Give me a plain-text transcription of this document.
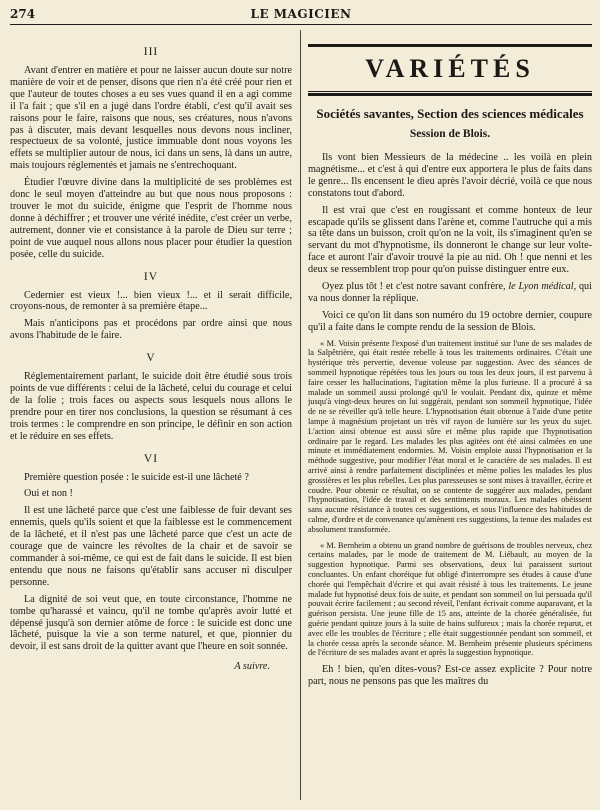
274	LE MAGICIEN
III

Avant d'entrer en matière et pour ne laisser aucun doute sur notre manière de voir et de penser, disons que rien n'a été créé pour rien et que l'auteur de toutes choses a eu ses vues quand il en a agi comme il l'a fait ; que s'il en a jugé dans l'ordre établi, c'est qu'il avait ses raisons pour le faire, raisons que nous, ses créatures, nous n'avons pas à discuter, mais devant lesquelles nous devons nous incliner, respectueux de sa volonté, justice immuable dont nous voyons les effets se multiplier autour de nous, ici dans un sens, là dans un autre, mais toujours réglementés et jamais ne s'entrechoquant.

Étudier l'œuvre divine dans la multiplicité de ses problèmes est donc le seul moyen d'atteindre au but que nous nous proposons : trouver le mot du suicide, énigme que l'esprit de l'homme nous donne à déchiffrer ; et trouver une vérité inédite, c'est créer un verbe, autrement, donner vie et consistance à la parole de Dieu sur terre ; point de vue auquel nous allons nous placer pour étudier la question posée, celle du suicide.

IV

Cedernier est vieux !... bien vieux !... et il serait difficile, croyons-nous, de remonter à sa première étape...

Mais n'anticipons pas et procédons par ordre ainsi que nous avons l'habitude de le faire.

V

Réglementairement parlant, le suicide doit être étudié sous trois points de vue différents : celui de la lâcheté, celui du courage et celui de la folie ; trois faces ou aspects sous lesquels nous allons le prendre pour en tirer nos conclusions, la question se résumant à ces trois termes : le comprendre en son principe, le définir en son action et le réduire en ses effets.

VI

Première question posée : le suicide est-il une lâcheté ?

Oui et non !

Il est une lâcheté parce que c'est une faiblesse de fuir devant ses ennemis, quels qu'ils soient et que la faiblesse est le commencement de la lâcheté, et il n'est pas une lâcheté parce que c'est un acte de courage que de vaincre les révoltes de la chair et de savoir se commander à soi-même, ce qui est de fait dans le suicide. Il est bien entendu que nous ne faisons qu'établir sans accuser ni disculper personne.

La dignité de soi veut que, en toute circonstance, l'homme ne tombe qu'harassé et vaincu, qu'il ne tombe qu'après avoir lutté et dépensé jusqu'à son dernier atôme de force : le suicide est donc une lâcheté, puisque la vie a son terme naturel, et que, pionnier du devoir, il est sans droit de la quitter avant que l'heure en soit sonnée.

A suivre.
VARIÉTÉS
Sociétés savantes, Section des sciences médicales
Session de Blois.

Ils vont bien Messieurs de la médecine .. les voilà en plein magnétisme... et c'est à qui d'entre eux apportera le plus de faits dans le genre... Ils encensent le dieu après l'avoir décrié, voilà ce que nous constatons tout d'abord.

Il est vrai que c'est en rougissant et comme honteux de leur escapade qu'ils se glissent dans l'arène et, comme l'autruche qui a mis sa tête dans un buisson, croit qu'on ne la voit, ils s'imaginent qu'en se servant du mot d'hypnotisme, ils donneront le change sur leur volte-face et auront l'air d'avoir trouvé la pie au nid. Oh ! que nenni et les deux se ressemblent trop pour qu'on puisse distinguer entre eux.

Oyez plus tôt ! et c'est notre savant confrère, le Lyon médical, qui va nous donner la réplique.

Voici ce qu'on lit dans son numéro du 19 octobre dernier, coupure qu'il a faite dans le compte rendu de la session de Blois.

« M. Voisin présente l'exposé d'un traitement institué sur l'une de ses malades de la Salpêtrière, qui était restée rebelle à tous les traitements ordinaires. C'était une hystérique très pervertie, devenue voleuse par suggestion. Avec des séances de sommeil hypnotique répétées tous les jours ou tous les deux jours, il est parvenu à faire cesser les hallucinations, l'agitation même la plus furieuse. Il a procuré à sa malade un sommeil aussi prolongé qu'il le voulait. Pendant dix, quinze et même jusqu'à vingt-deux heures on lui suggérait, pendant son sommeil hypnotique, l'idée de ne se réveiller qu'à telle heure. L'hypnotisation était obtenue à l'aide d'une petite lampe à magnésium projetant un très vif rayon de lumière sur les yeux du sujet. L'action ainsi obtenue est aussi sûre et même plus rapide que l'hypnotisation ordinaire par le regard. Les malades les plus agitées ont été ainsi calmées en une minute et immédiatement endormies. M. Voisin emploie aussi l'hypnotisation et la méthode suggestive, pour modifier l'état moral et le caractère de ses malades. Il est arrivé ainsi à rendre parfaitement disciplinées et même polies les malades les plus grossières et les plus rebelles. Les plus paresseuses se sont mises à travailler, écrire et coudre. Pour obtenir ce résultat, on se contente de suggérer aux malades, pendant l'hypnotisation, l'idée de travail et des sentiments moraux. Les malades obéissent sans aucune résistance à toutes ces suggestions, et sous l'influence des habitudes de calme, d'ordre et de convenance qu'amènent ces suggestions, la tenue des malades est absolument transformée.

« M. Bernheim a obtenu un grand nombre de guérisons de troubles nerveux, chez certains malades, par le mode de traitement de M. Liébault, au moyen de la suggestion hypnotique. Parmi ses observations, deux lui paraissent surtout concluantes. Un enfant choréique fut obligé d'interrompre ses études à cause d'une chorée qui l'empêchait d'écrire et qui avait résisté à tous les traitements. Le jeune malade fut hypnotisé deux fois de suite, et pendant son sommeil on lui persuada qu'il pouvait écrire facilement ; au second réveil, l'enfant écrivait comme auparavant, et la guérison persista. Une jeune fille de 15 ans, atteinte de la chorée généralisée, fut guérie pendant quinze jours à la suite de bains sulfureux ; mais la chorée reparut, et avec elle les troubles de l'écriture ; elle était suggestionnée pendant son sommeil, et la chorée cessa après la seconde séance. M. Bernheim présente plusieurs spécimens de l'écriture de ses malades avant et après la suggestion hypnotique.

Eh ! bien, qu'en dites-vous? Est-ce assez explicite ? Pour notre part, nous ne pensons pas que les maîtres du
